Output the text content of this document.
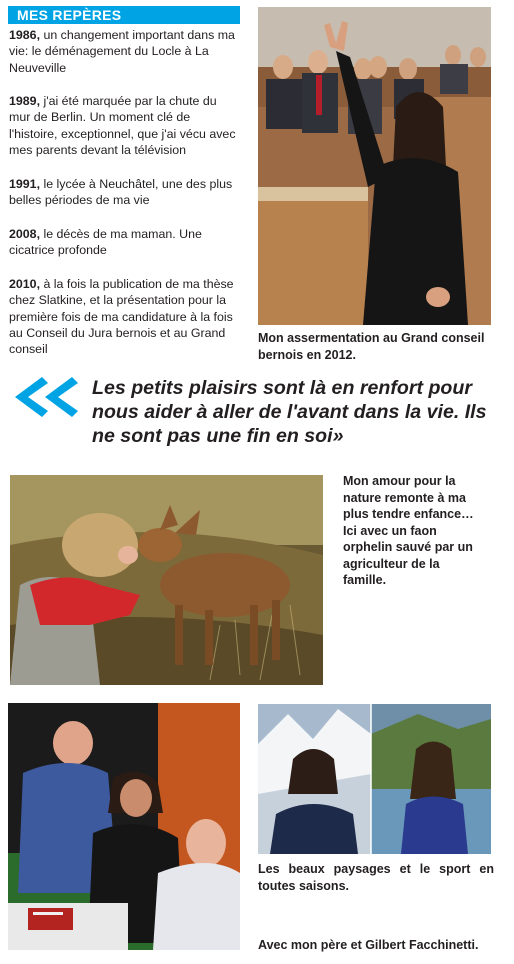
MES REPÈRES
1986, un changement important dans ma vie: le déménagement du Locle à La Neuveville
1989, j'ai été marquée par la chute du mur de Berlin. Un moment clé de l'histoire, exceptionnel, que j'ai vécu avec mes parents devant la télévision
1991, le lycée à Neuchâtel, une des plus belles périodes de ma vie
2008, le décès de ma maman. Une cicatrice profonde
2010, à la fois la publication de ma thèse chez Slatkine, et la présentation pour la première fois de ma candidature à la fois au Conseil du Jura bernois et au Grand conseil
Mon assermentation au Grand conseil bernois en 2012.
Les petits plaisirs sont là en renfort pour nous aider à aller de l'avant dans la vie. Ils ne sont pas une fin en soi»
Mon amour pour la nature remonte à ma plus tendre enfance… Ici avec un faon orphelin sauvé par un agriculteur de la famille.
Les beaux paysages et le sport en toutes saisons.
Avec mon père et Gilbert Facchinetti.
